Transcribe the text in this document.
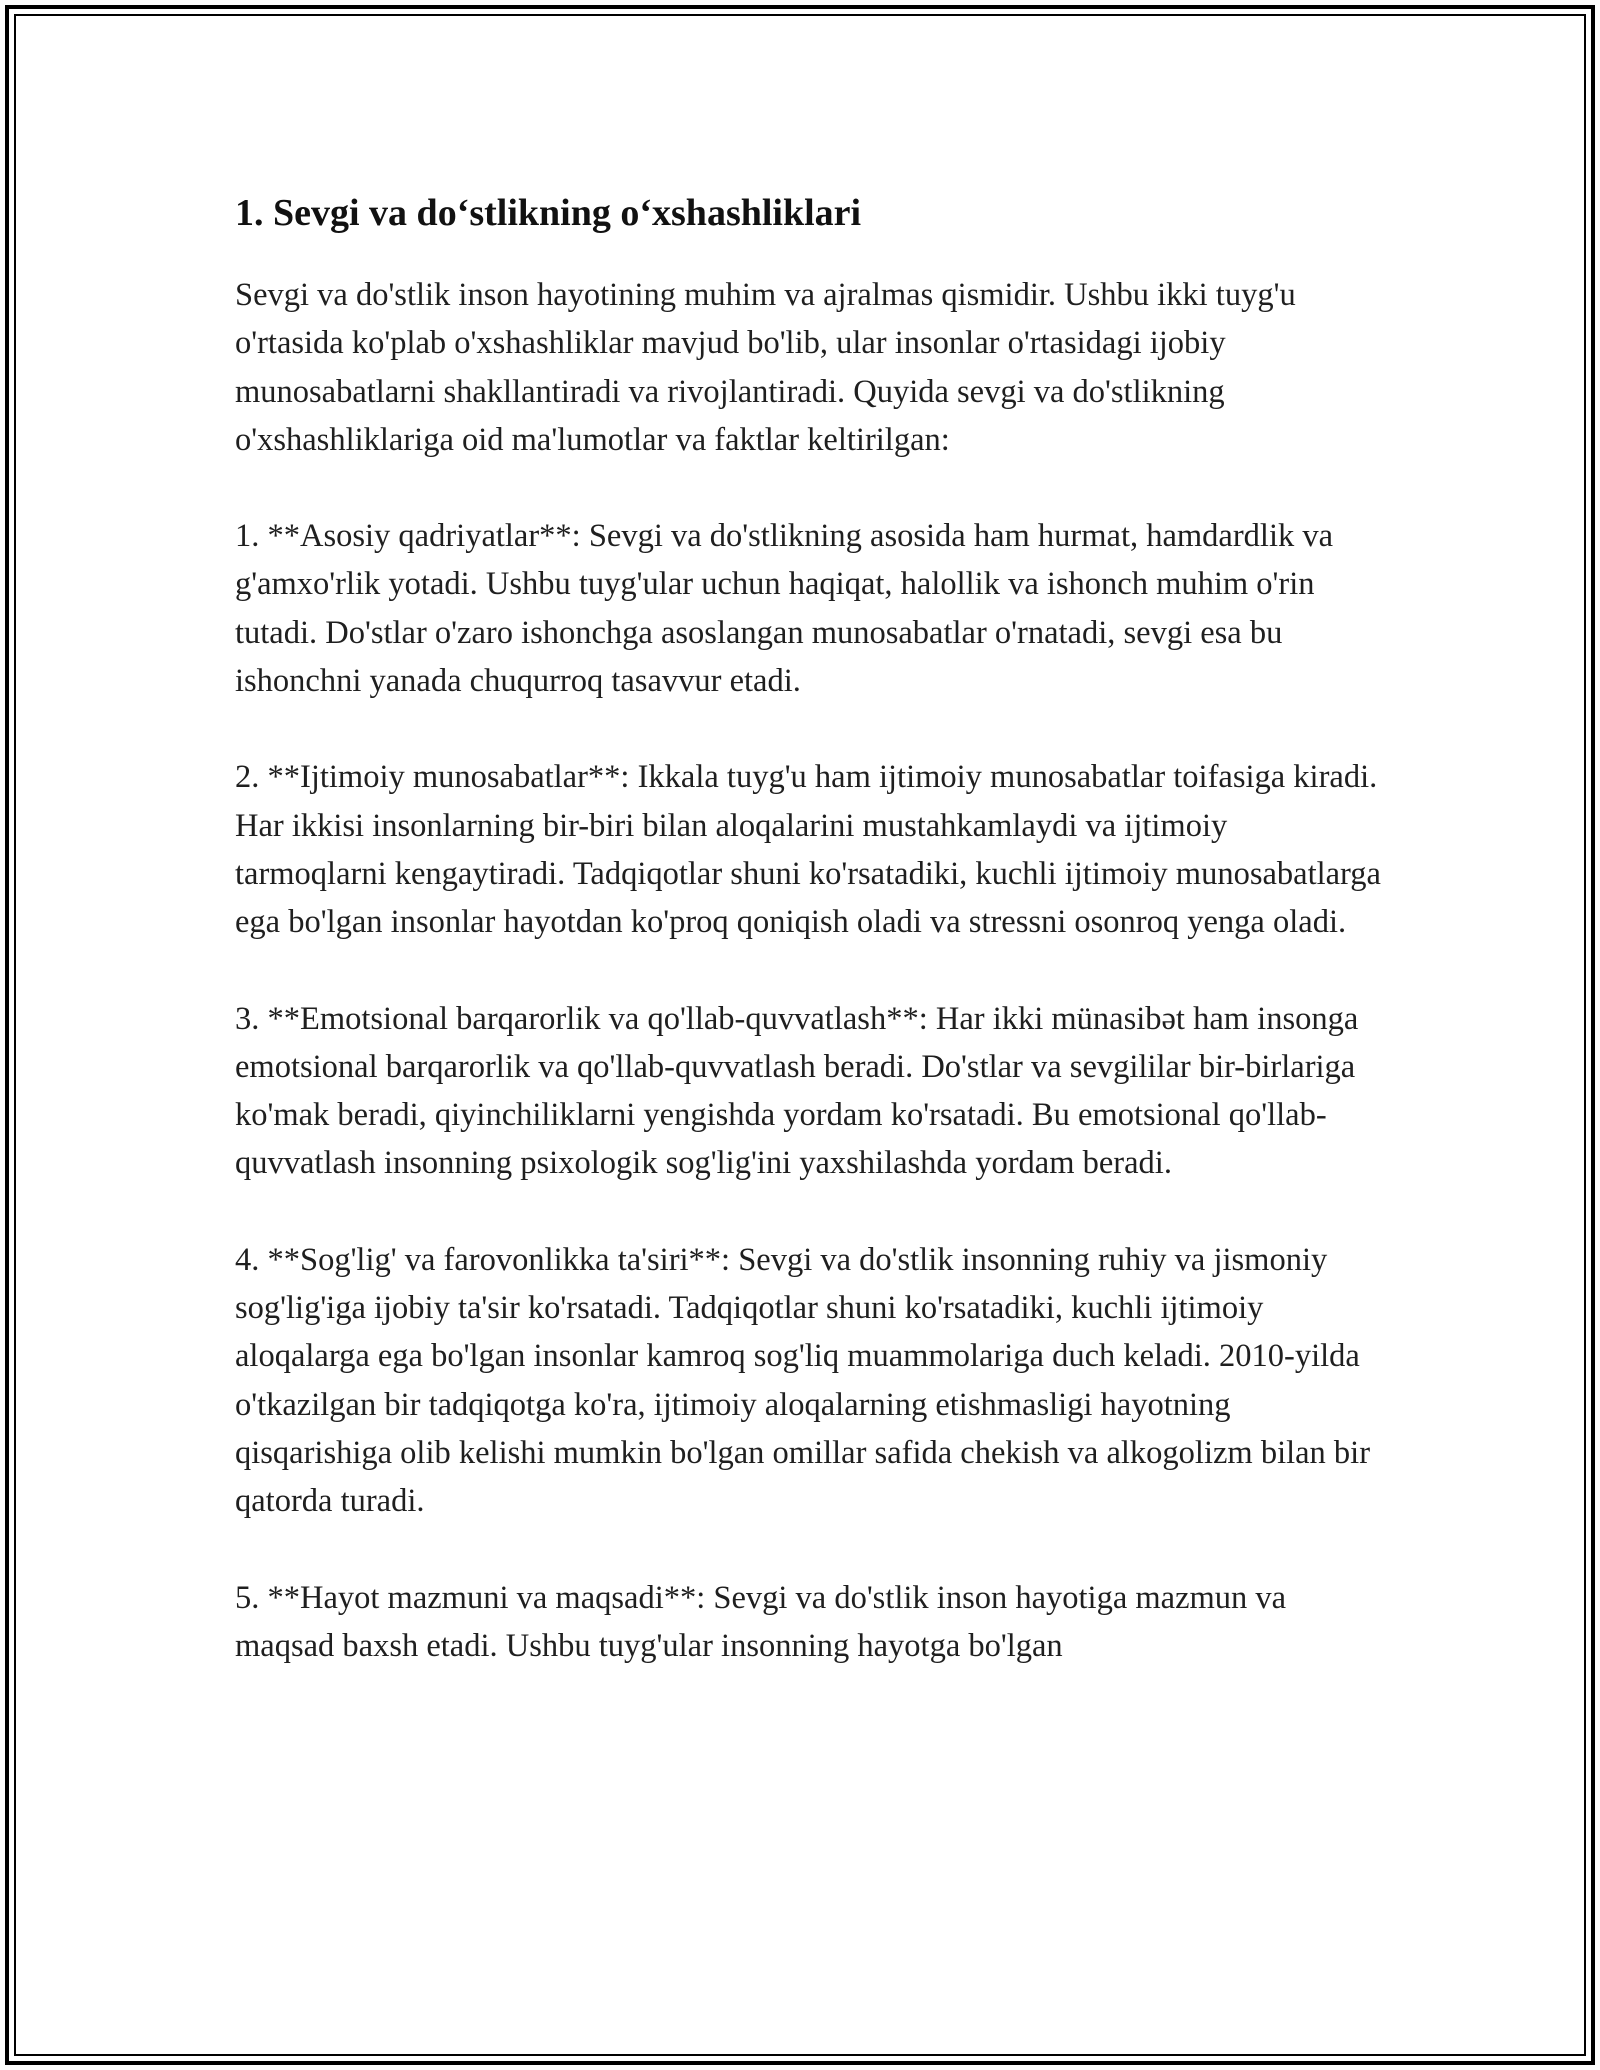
1. Sevgi va do‘stlikning o‘xshashliklari

Sevgi va do'stlik inson hayotining muhim va ajralmas qismidir. Ushbu ikki tuyg'u o'rtasida ko'plab o'xshashliklar mavjud bo'lib, ular insonlar o'rtasidagi ijobiy munosabatlarni shakllantiradi va rivojlantiradi. Quyida sevgi va do'stlikning o'xshashliklariga oid ma'lumotlar va faktlar keltirilgan:

1. **Asosiy qadriyatlar**: Sevgi va do'stlikning asosida ham hurmat, hamdardlik va g'amxo'rlik yotadi. Ushbu tuyg'ular uchun haqiqat, halollik va ishonch muhim o'rin tutadi. Do'stlar o'zaro ishonchga asoslangan munosabatlar o'rnatadi, sevgi esa bu ishonchni yanada chuqurroq tasavvur etadi.

2. **Ijtimoiy munosabatlar**: Ikkala tuyg'u ham ijtimoiy munosabatlar toifasiga kiradi. Har ikkisi insonlarning bir-biri bilan aloqalarini mustahkamlaydi va ijtimoiy tarmoqlarni kengaytiradi. Tadqiqotlar shuni ko'rsatadiki, kuchli ijtimoiy munosabatlarga ega bo'lgan insonlar hayotdan ko'proq qoniqish oladi va stressni osonroq yenga oladi.

3. **Emotsional barqarorlik va qo'llab-quvvatlash**: Har ikki münasibət ham insonga emotsional barqarorlik va qo'llab-quvvatlash beradi. Do'stlar va sevgililar bir-birlariga ko'mak beradi, qiyinchiliklarni yengishda yordam ko'rsatadi. Bu emotsional qo'llab-quvvatlash insonning psixologik sog'lig'ini yaxshilashda yordam beradi.

4. **Sog'lig' va farovonlikka ta'siri**: Sevgi va do'stlik insonning ruhiy va jismoniy sog'lig'iga ijobiy ta'sir ko'rsatadi. Tadqiqotlar shuni ko'rsatadiki, kuchli ijtimoiy aloqalarga ega bo'lgan insonlar kamroq sog'liq muammolariga duch keladi. 2010-yilda o'tkazilgan bir tadqiqotga ko'ra, ijtimoiy aloqalarning etishmasligi hayotning qisqarishiga olib kelishi mumkin bo'lgan omillar safida chekish va alkogolizm bilan bir qatorda turadi.

5. **Hayot mazmuni va maqsadi**: Sevgi va do'stlik inson hayotiga mazmun va maqsad baxsh etadi. Ushbu tuyg'ular insonning hayotga bo'lgan
